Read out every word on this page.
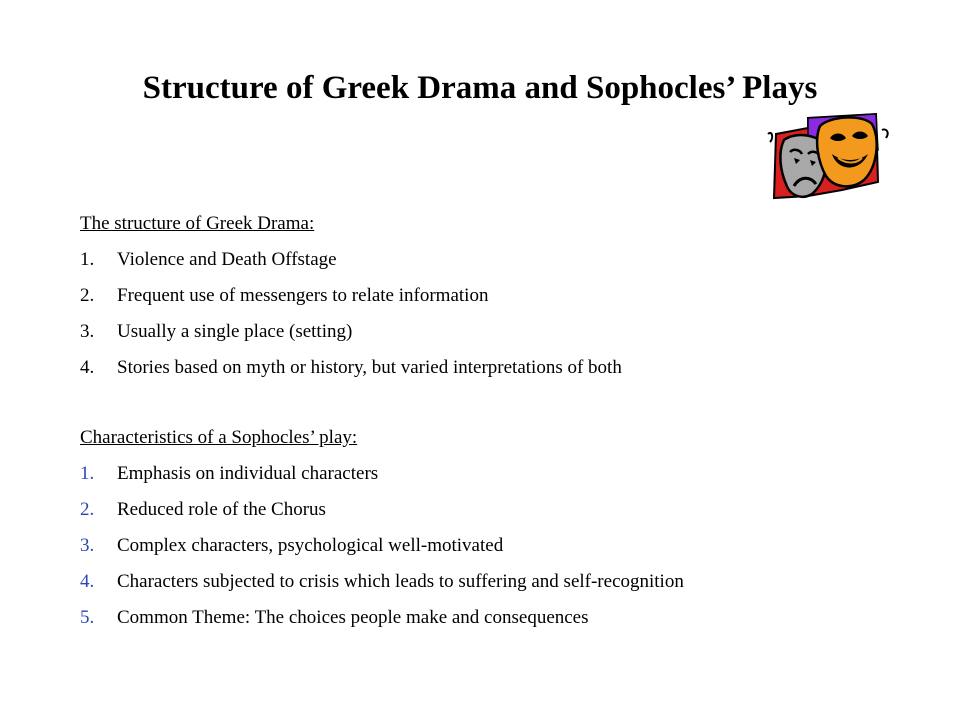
Structure of Greek Drama and Sophocles’ Plays
The structure of Greek Drama:
1.	Violence and Death Offstage
2.	Frequent use of messengers to relate information
3.	Usually a single place (setting)
4.	Stories based on myth or history, but varied interpretations of both
Characteristics of a Sophocles’ play:
1.	Emphasis on individual characters
2.	Reduced role of the Chorus
3.	Complex characters, psychological well-motivated
4.	Characters subjected to crisis which leads to suffering and self-recognition
5.	Common Theme: The choices people make and consequences
